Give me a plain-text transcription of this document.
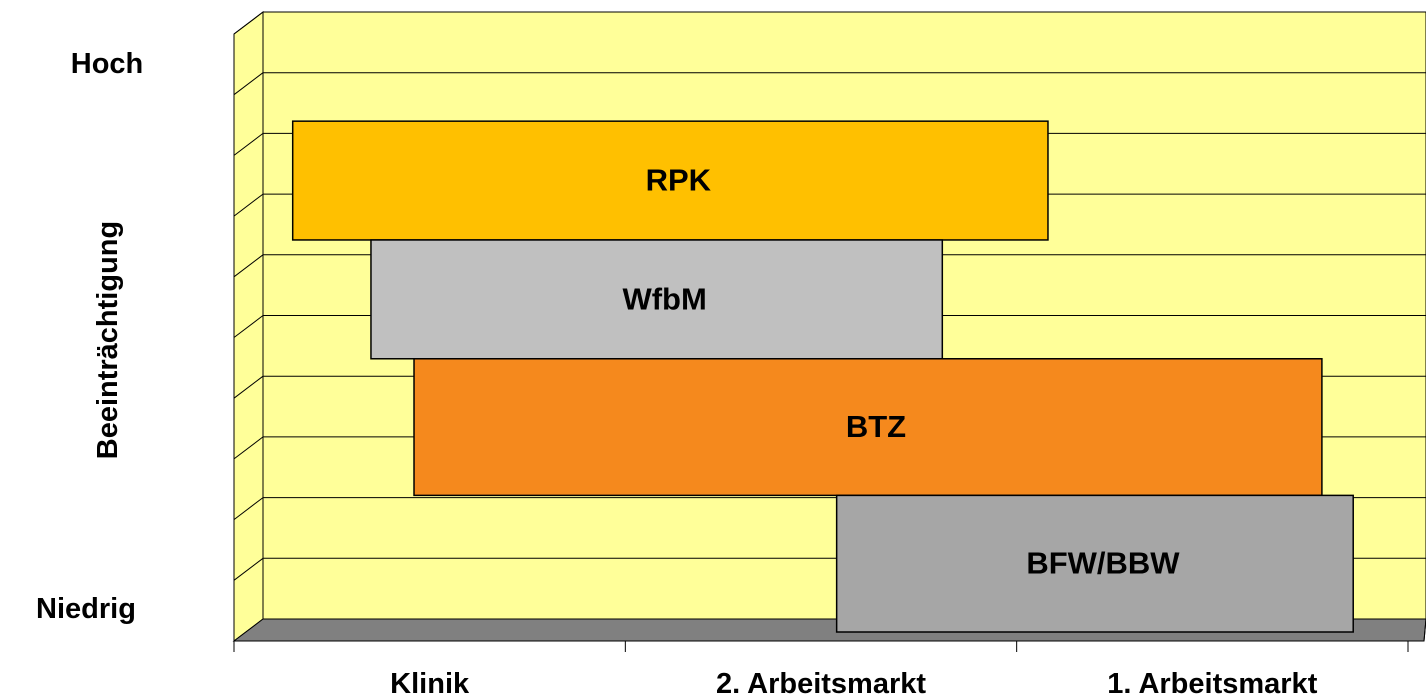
RPK
WfbM
BTZ
BFW/BBW
Hoch
Niedrig
Beeinträchtigung
Klinik	2. Arbeitsmarkt	1. Arbeitsmarkt
